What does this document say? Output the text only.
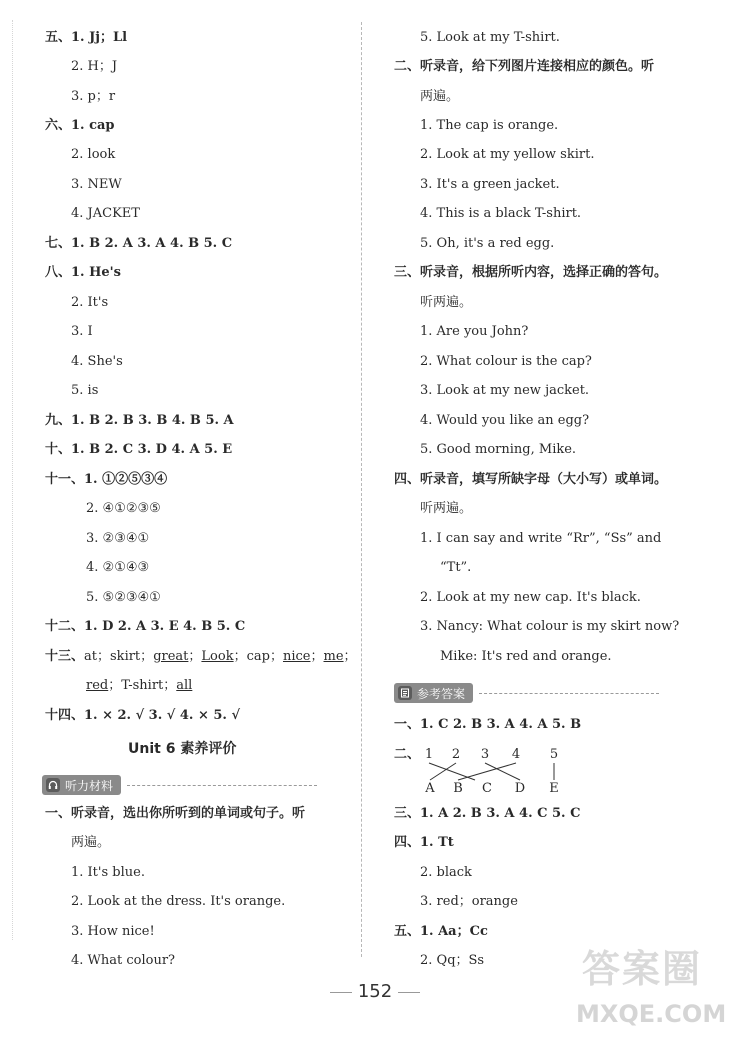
五、1. Jj；Ll
2. H；J
3. p；r
六、1. cap
2. look
3. NEW
4. JACKET
七、1. B 2. A 3. A 4. B 5. C
八、1. He's
2. It's
3. I
4. She's
5. is
九、1. B 2. B 3. B 4. B 5. A
十、1. B 2. C 3. D 4. A 5. E
十一、1. ①②⑤③④
2. ④①②③⑤
3. ②③④①
4. ②①④③
5. ⑤②③④①
十二、1. D 2. A 3. E 4. B 5. C
十三、at；skirt；great；Look；cap；nice；me；
red；T-shirt；all
十四、1. × 2. √ 3. √ 4. × 5. √
Unit 6 素养评价
听力材料
一、听录音，选出你所听到的单词或句子。听
两遍。
1. It's blue.
2. Look at the dress. It's orange.
3. How nice!
4. What colour?
5. Look at my T-shirt.
二、听录音，给下列图片连接相应的颜色。听
两遍。
1. The cap is orange.
2. Look at my yellow skirt.
3. It's a green jacket.
4. This is a black T-shirt.
5. Oh, it's a red egg.
三、听录音，根据所听内容，选择正确的答句。
听两遍。
1. Are you John?
2. What colour is the cap?
3. Look at my new jacket.
4. Would you like an egg?
5. Good morning, Mike.
四、听录音，填写所缺字母（大小写）或单词。
听两遍。
1. I can say and write “Rr”, “Ss” and
“Tt”.
2. Look at my new cap. It's black.
3. Nancy: What colour is my skirt now?
Mike: It's red and orange.
参考答案
一、1. C 2. B 3. A 4. A 5. B
二、 1 2 3 4 5
A B C D E
三、1. A 2. B 3. A 4. C 5. C
四、1. Tt
2. black
3. red；orange
五、1. Aa；Cc
2. Qq；Ss
152
答案圈
MXQE.COM
